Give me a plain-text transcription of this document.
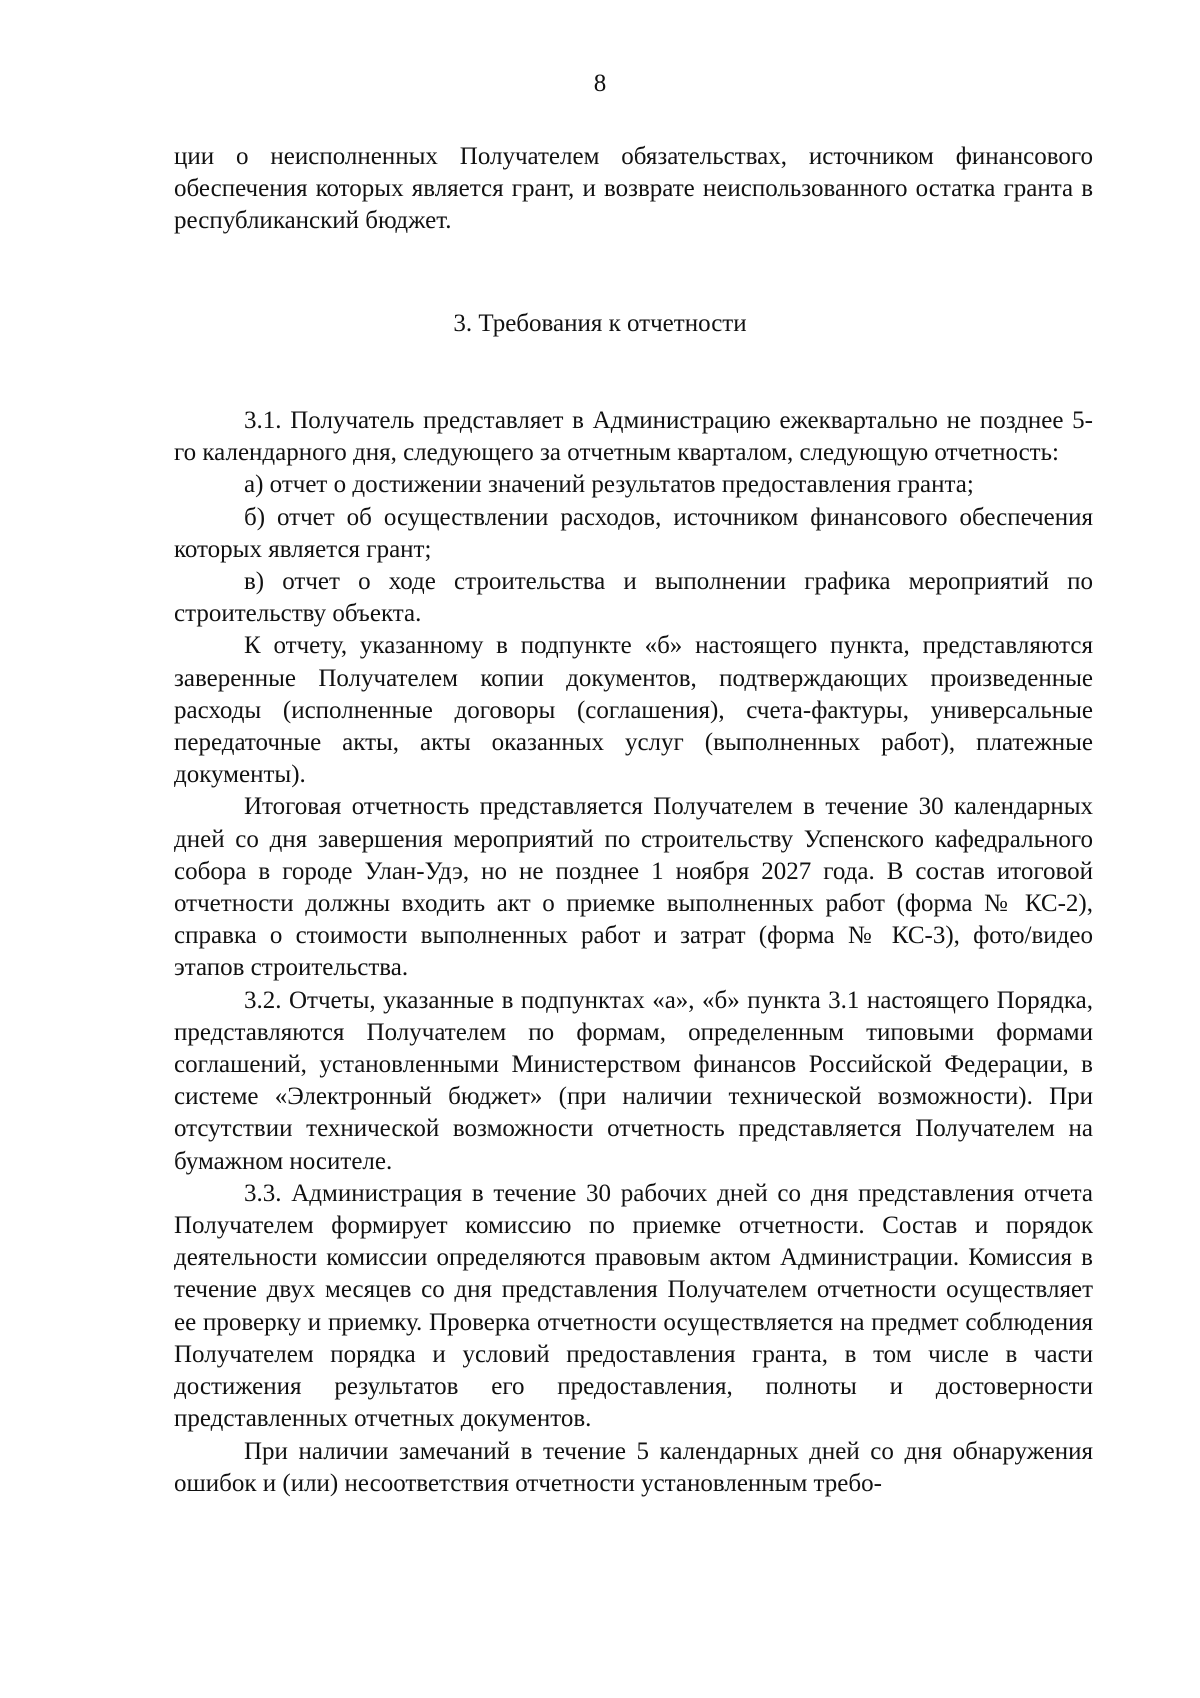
8

ции о неисполненных Получателем обязательствах, источником финансового обеспечения которых является грант, и возврате неиспользованного остатка гранта в республиканский бюджет.

3. Требования к отчетности

3.1. Получатель представляет в Администрацию ежеквартально не позднее 5-го календарного дня, следующего за отчетным кварталом, следующую отчетность:

а) отчет о достижении значений результатов предоставления гранта;

б) отчет об осуществлении расходов, источником финансового обеспечения которых является грант;

в) отчет о ходе строительства и выполнении графика мероприятий по строительству объекта.

К отчету, указанному в подпункте «б» настоящего пункта, представляются заверенные Получателем копии документов, подтверждающих произведенные расходы (исполненные договоры (соглашения), счета-фактуры, универсальные передаточные акты, акты оказанных услуг (выполненных работ), платежные документы).

Итоговая отчетность представляется Получателем в течение 30 календарных дней со дня завершения мероприятий по строительству Успенского кафедрального собора в городе Улан-Удэ, но не позднее 1 ноября 2027 года. В состав итоговой отчетности должны входить акт о приемке выполненных работ (форма № КС-2), справка о стоимости выполненных работ и затрат (форма № КС-3), фото/видео этапов строительства.

3.2. Отчеты, указанные в подпунктах «а», «б» пункта 3.1 настоящего Порядка, представляются Получателем по формам, определенным типовыми формами соглашений, установленными Министерством финансов Российской Федерации, в системе «Электронный бюджет» (при наличии технической возможности). При отсутствии технической возможности отчетность представляется Получателем на бумажном носителе.

3.3. Администрация в течение 30 рабочих дней со дня представления отчета Получателем формирует комиссию по приемке отчетности. Состав и порядок деятельности комиссии определяются правовым актом Администрации. Комиссия в течение двух месяцев со дня представления Получателем отчетности осуществляет ее проверку и приемку. Проверка отчетности осуществляется на предмет соблюдения Получателем порядка и условий предоставления гранта, в том числе в части достижения результатов его предоставления, полноты и достоверности представленных отчетных документов.

При наличии замечаний в течение 5 календарных дней со дня обнаружения ошибок и (или) несоответствия отчетности установленным требо-
